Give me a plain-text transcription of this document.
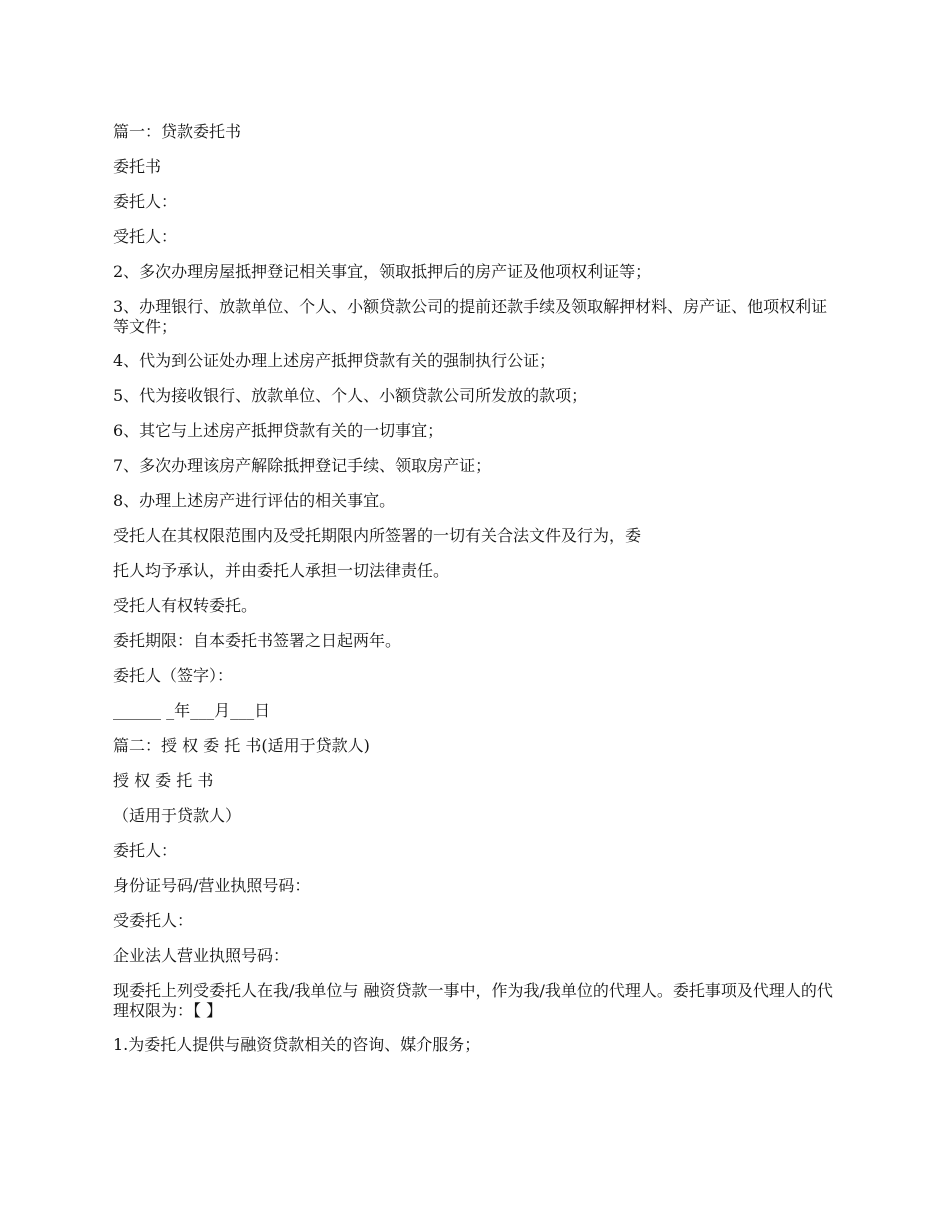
篇一：贷款委托书

委托书

委托人：

受托人：

2、多次办理房屋抵押登记相关事宜，领取抵押后的房产证及他项权利证等；

3、办理银行、放款单位、个人、小额贷款公司的提前还款手续及领取解押材料、房产证、他项权利证等文件；

4、代为到公证处办理上述房产抵押贷款有关的强制执行公证；

5、代为接收银行、放款单位、个人、小额贷款公司所发放的款项；

6、其它与上述房产抵押贷款有关的一切事宜；

7、多次办理该房产解除抵押登记手续、领取房产证；

8、办理上述房产进行评估的相关事宜。

受托人在其权限范围内及受托期限内所签署的一切有关合法文件及行为，委

托人均予承认，并由委托人承担一切法律责任。

受托人有权转委托。

委托期限：自本委托书签署之日起两年。

委托人（签字）：

______ _年___月___日

篇二：授 权 委 托 书(适用于贷款人)

授 权 委 托 书

（适用于贷款人）

委托人：

身份证号码/营业执照号码：

受委托人：

企业法人营业执照号码：

现委托上列受委托人在我/我单位与 融资贷款一事中，作为我/我单位的代理人。委托事项及代理人的代理权限为：【 】

1.为委托人提供与融资贷款相关的咨询、媒介服务；
